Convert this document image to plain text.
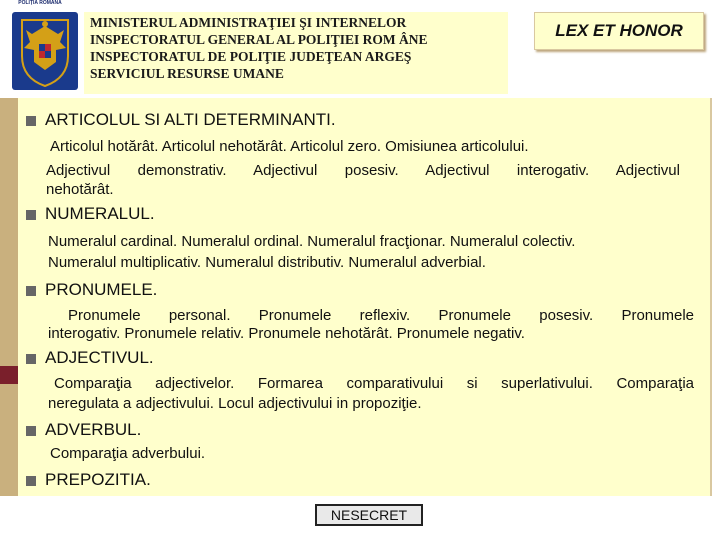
POLIȚIA ROMÂNĂ
MINISTERUL ADMINISTRAŢIEI ŞI INTERNELOR
INSPECTORATUL GENERAL AL POLIŢIEI ROM ÂNE
INSPECTORATUL DE POLIŢIE JUDEŢEAN ARGEŞ
SERVICIUL RESURSE UMANE
LEX ET HONOR
ARTICOLUL SI ALTI DETERMINANTI.
Articolul hotărât. Articolul nehotărât. Articolul zero. Omisiunea articolului.
Adjectivul demonstrativ. Adjectivul posesiv. Adjectivul interogativ. Adjectivul
nehotărât.
NUMERALUL.
Numeralul cardinal. Numeralul ordinal. Numeralul fracţionar. Numeralul colectiv.
Numeralul multiplicativ. Numeralul distributiv. Numeralul adverbial.
PRONUMELE.
Pronumele personal. Pronumele reflexiv. Pronumele posesiv. Pronumele
interogativ. Pronumele relativ. Pronumele nehotărât. Pronumele negativ.
ADJECTIVUL.
Comparaţia adjectivelor. Formarea comparativului si superlativului. Comparaţia
neregulata a adjectivului. Locul adjectivului in propoziţie.
ADVERBUL.
Comparaţia adverbului.
PREPOZITIA.
NESECRET
